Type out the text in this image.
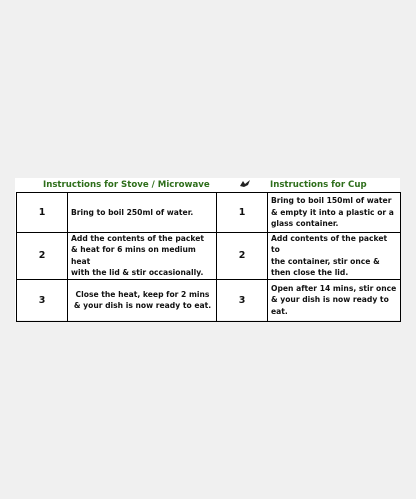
Instructions for Stove / Microwave	Instructions for Cup
1	Bring to boil 250ml of water.	1	Bring to boil 150ml of water
& empty it into a plastic or a
glass container.

2	Add the contents of the packet
& heat for 6 mins on medium heat
with the lid & stir occasionally.	2	Add contents of the packet to
the container, stir once &
then close the lid.

3	Close the heat, keep for 2 mins
& your dish is now ready to eat.	3	Open after 14 mins, stir once
& your dish is now ready to eat.
